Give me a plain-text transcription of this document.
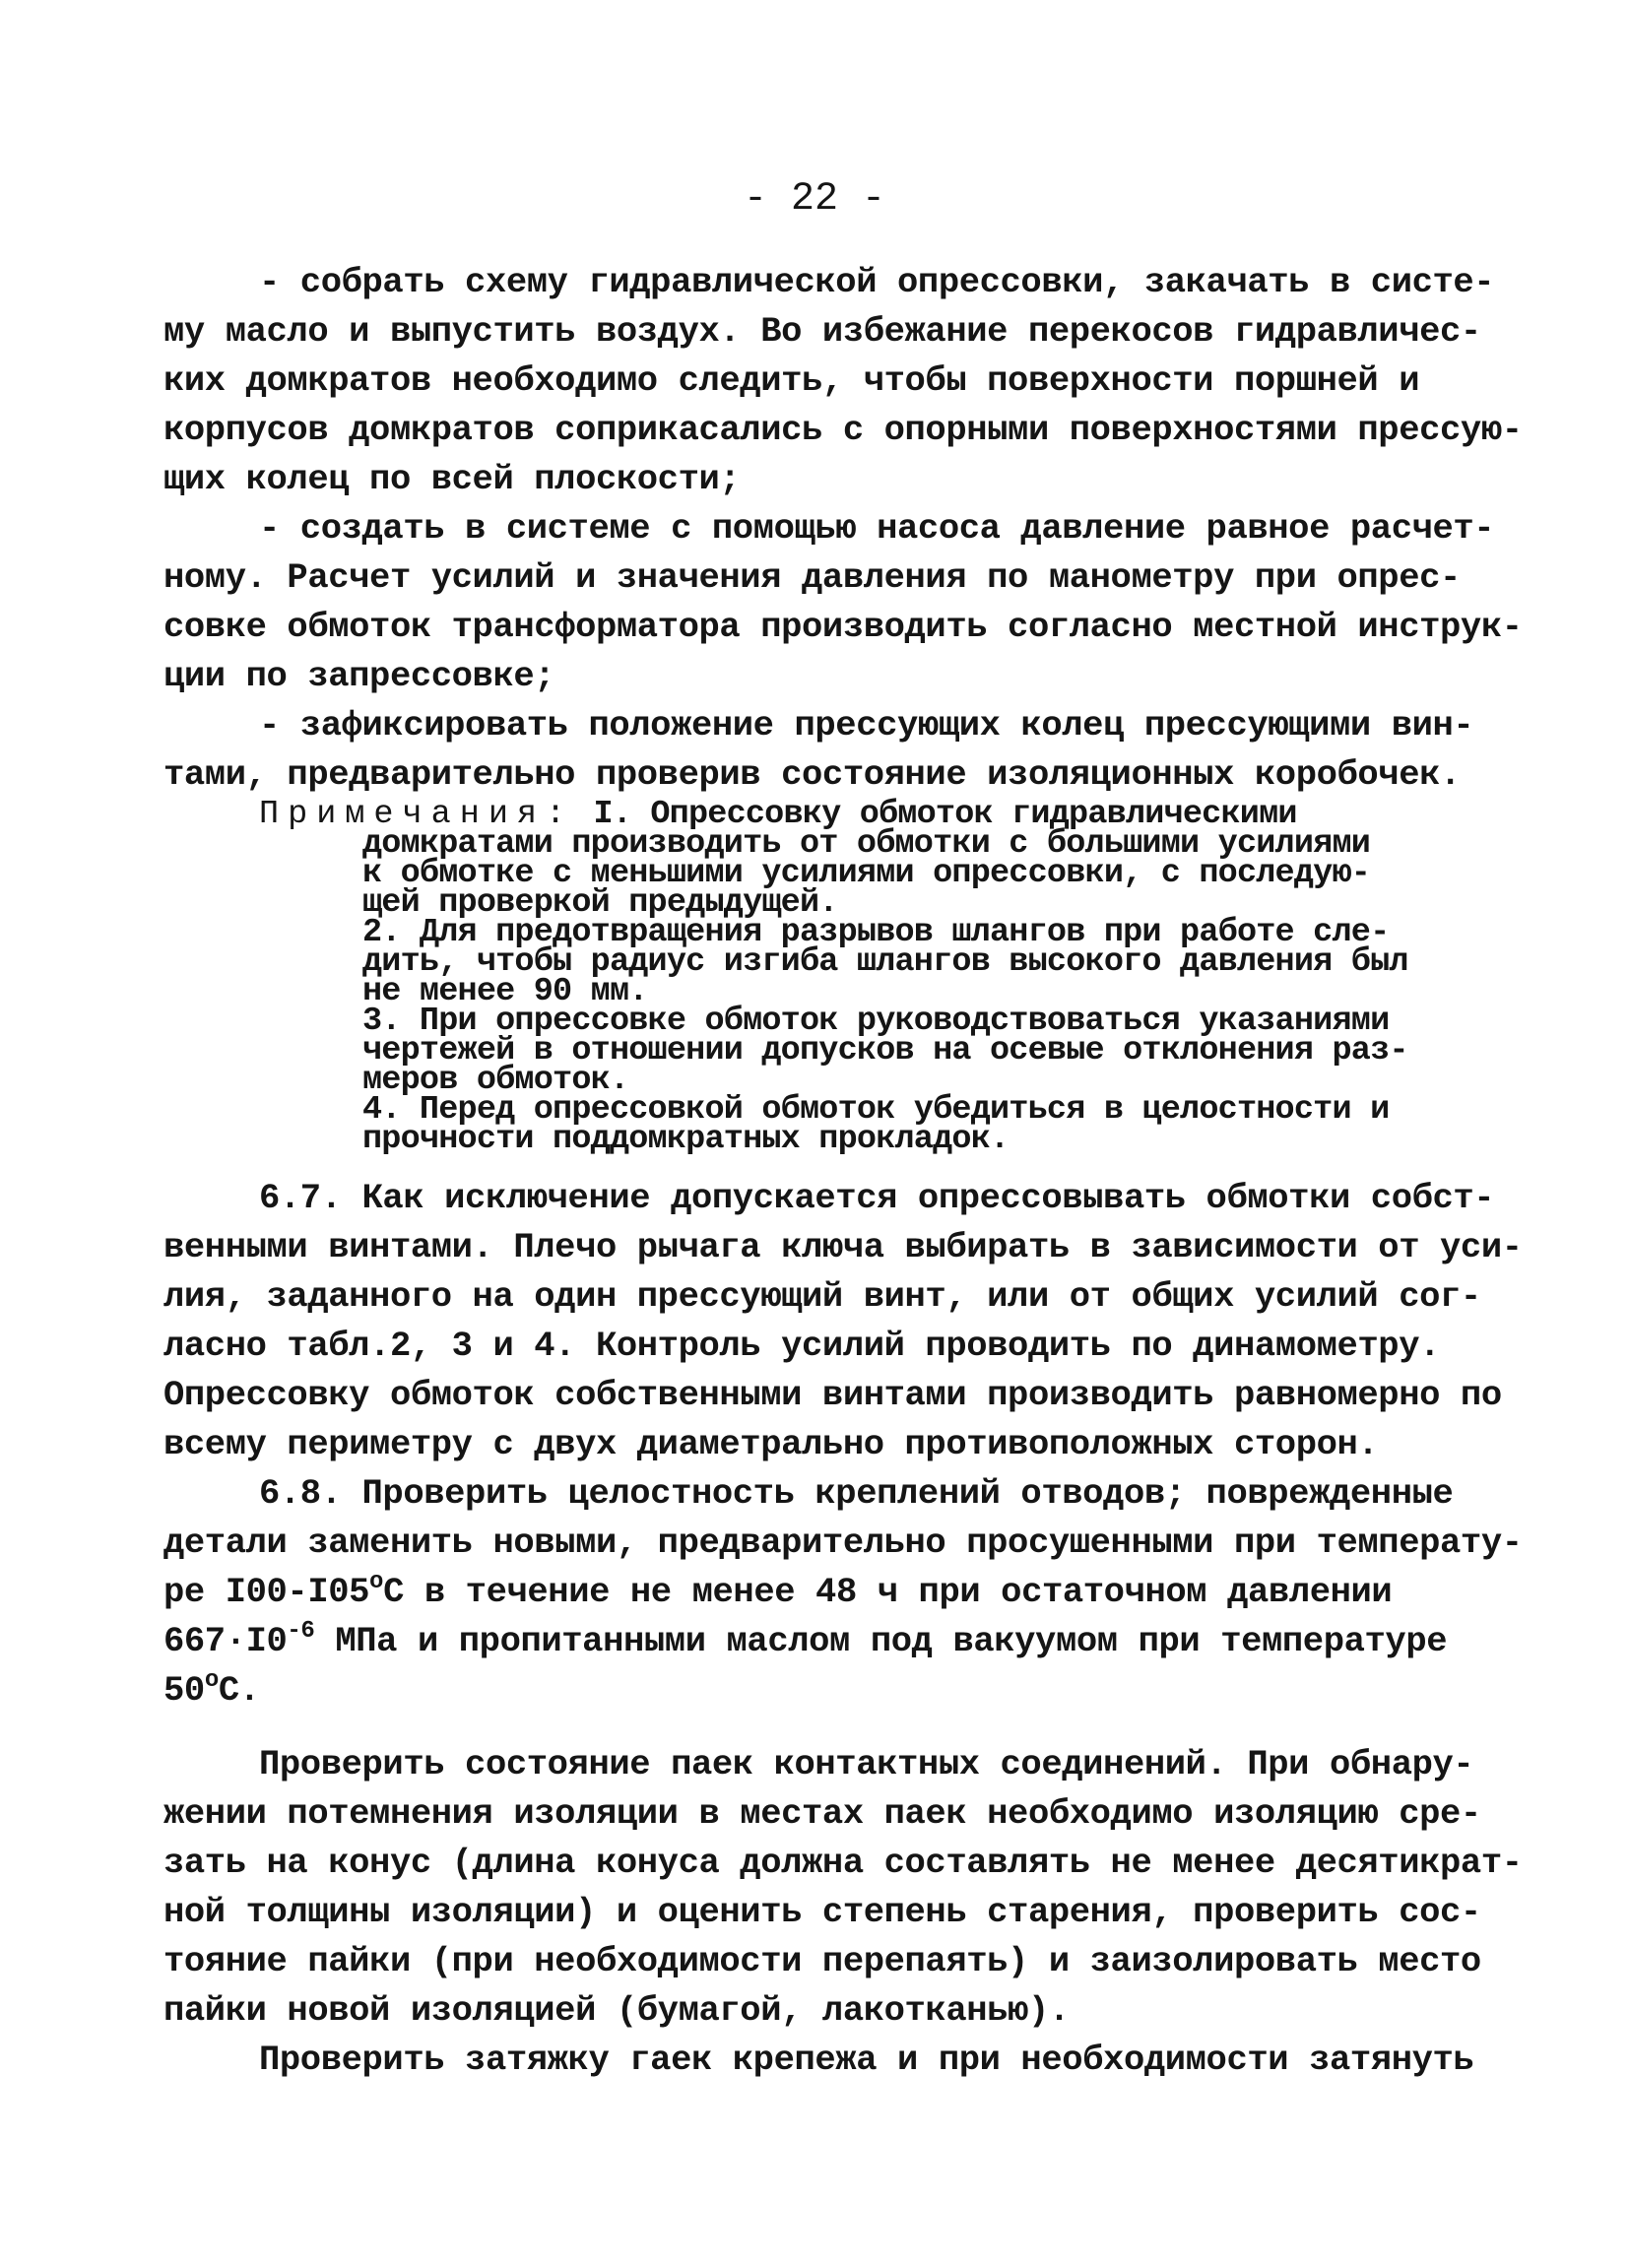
- 22 -
- собрать схему гидравлической опрессовки, закачать в систе-
му масло и выпустить воздух. Во избежание перекосов гидравличес-
ких домкратов необходимо следить, чтобы поверхности поршней и
корпусов домкратов соприкасались с опорными поверхностями прессую-
щих колец по всей плоскости;
- создать в системе с помощью насоса давление равное расчет-
ному. Расчет усилий и значения давления по манометру при опрес-
совке обмоток трансформатора производить согласно местной инструк-
ции по запрессовке;
- зафиксировать положение прессующих колец прессующими вин-
тами, предварительно проверив состояние изоляционных коробочек.
Примечания: I. Опрессовку обмоток гидравлическими
домкратами производить от обмотки с большими усилиями
к обмотке с меньшими усилиями опрессовки, с последую-
щей проверкой предыдущей.
2. Для предотвращения разрывов шлангов при работе сле-
дить, чтобы радиус изгиба шлангов высокого давления был
не менее 90 мм.
3. При опрессовке обмоток руководствоваться указаниями
чертежей в отношении допусков на осевые отклонения раз-
меров обмоток.
4. Перед опрессовкой обмоток убедиться в целостности и
прочности поддомкратных прокладок.
6.7. Как исключение допускается опрессовывать обмотки собст-
венными винтами. Плечо рычага ключа выбирать в зависимости от уси-
лия, заданного на один прессующий винт, или от общих усилий сог-
ласно табл.2, 3 и 4. Контроль усилий проводить по динамометру.
Опрессовку обмоток собственными винтами производить равномерно по
всему периметру с двух диаметрально противоположных сторон.
6.8. Проверить целостность креплений отводов; поврежденные
детали заменить новыми, предварительно просушенными при температу-
ре I00-I05$^o$С в течение не менее 48 ч при остаточном давлении
$667\cdot I0^{-6}$ МПа и пропитанными маслом под вакуумом при температуре
50$^o$С.
Проверить состояние паек контактных соединений. При обнару-
жении потемнения изоляции в местах паек необходимо изоляцию сре-
зать на конус (длина конуса должна составлять не менее десятикрат-
ной толщины изоляции) и оценить степень старения, проверить сос-
тояние пайки (при необходимости перепаять) и заизолировать место
пайки новой изоляцией (бумагой, лакотканью).
Проверить затяжку гаек крепежа и при необходимости затянуть
